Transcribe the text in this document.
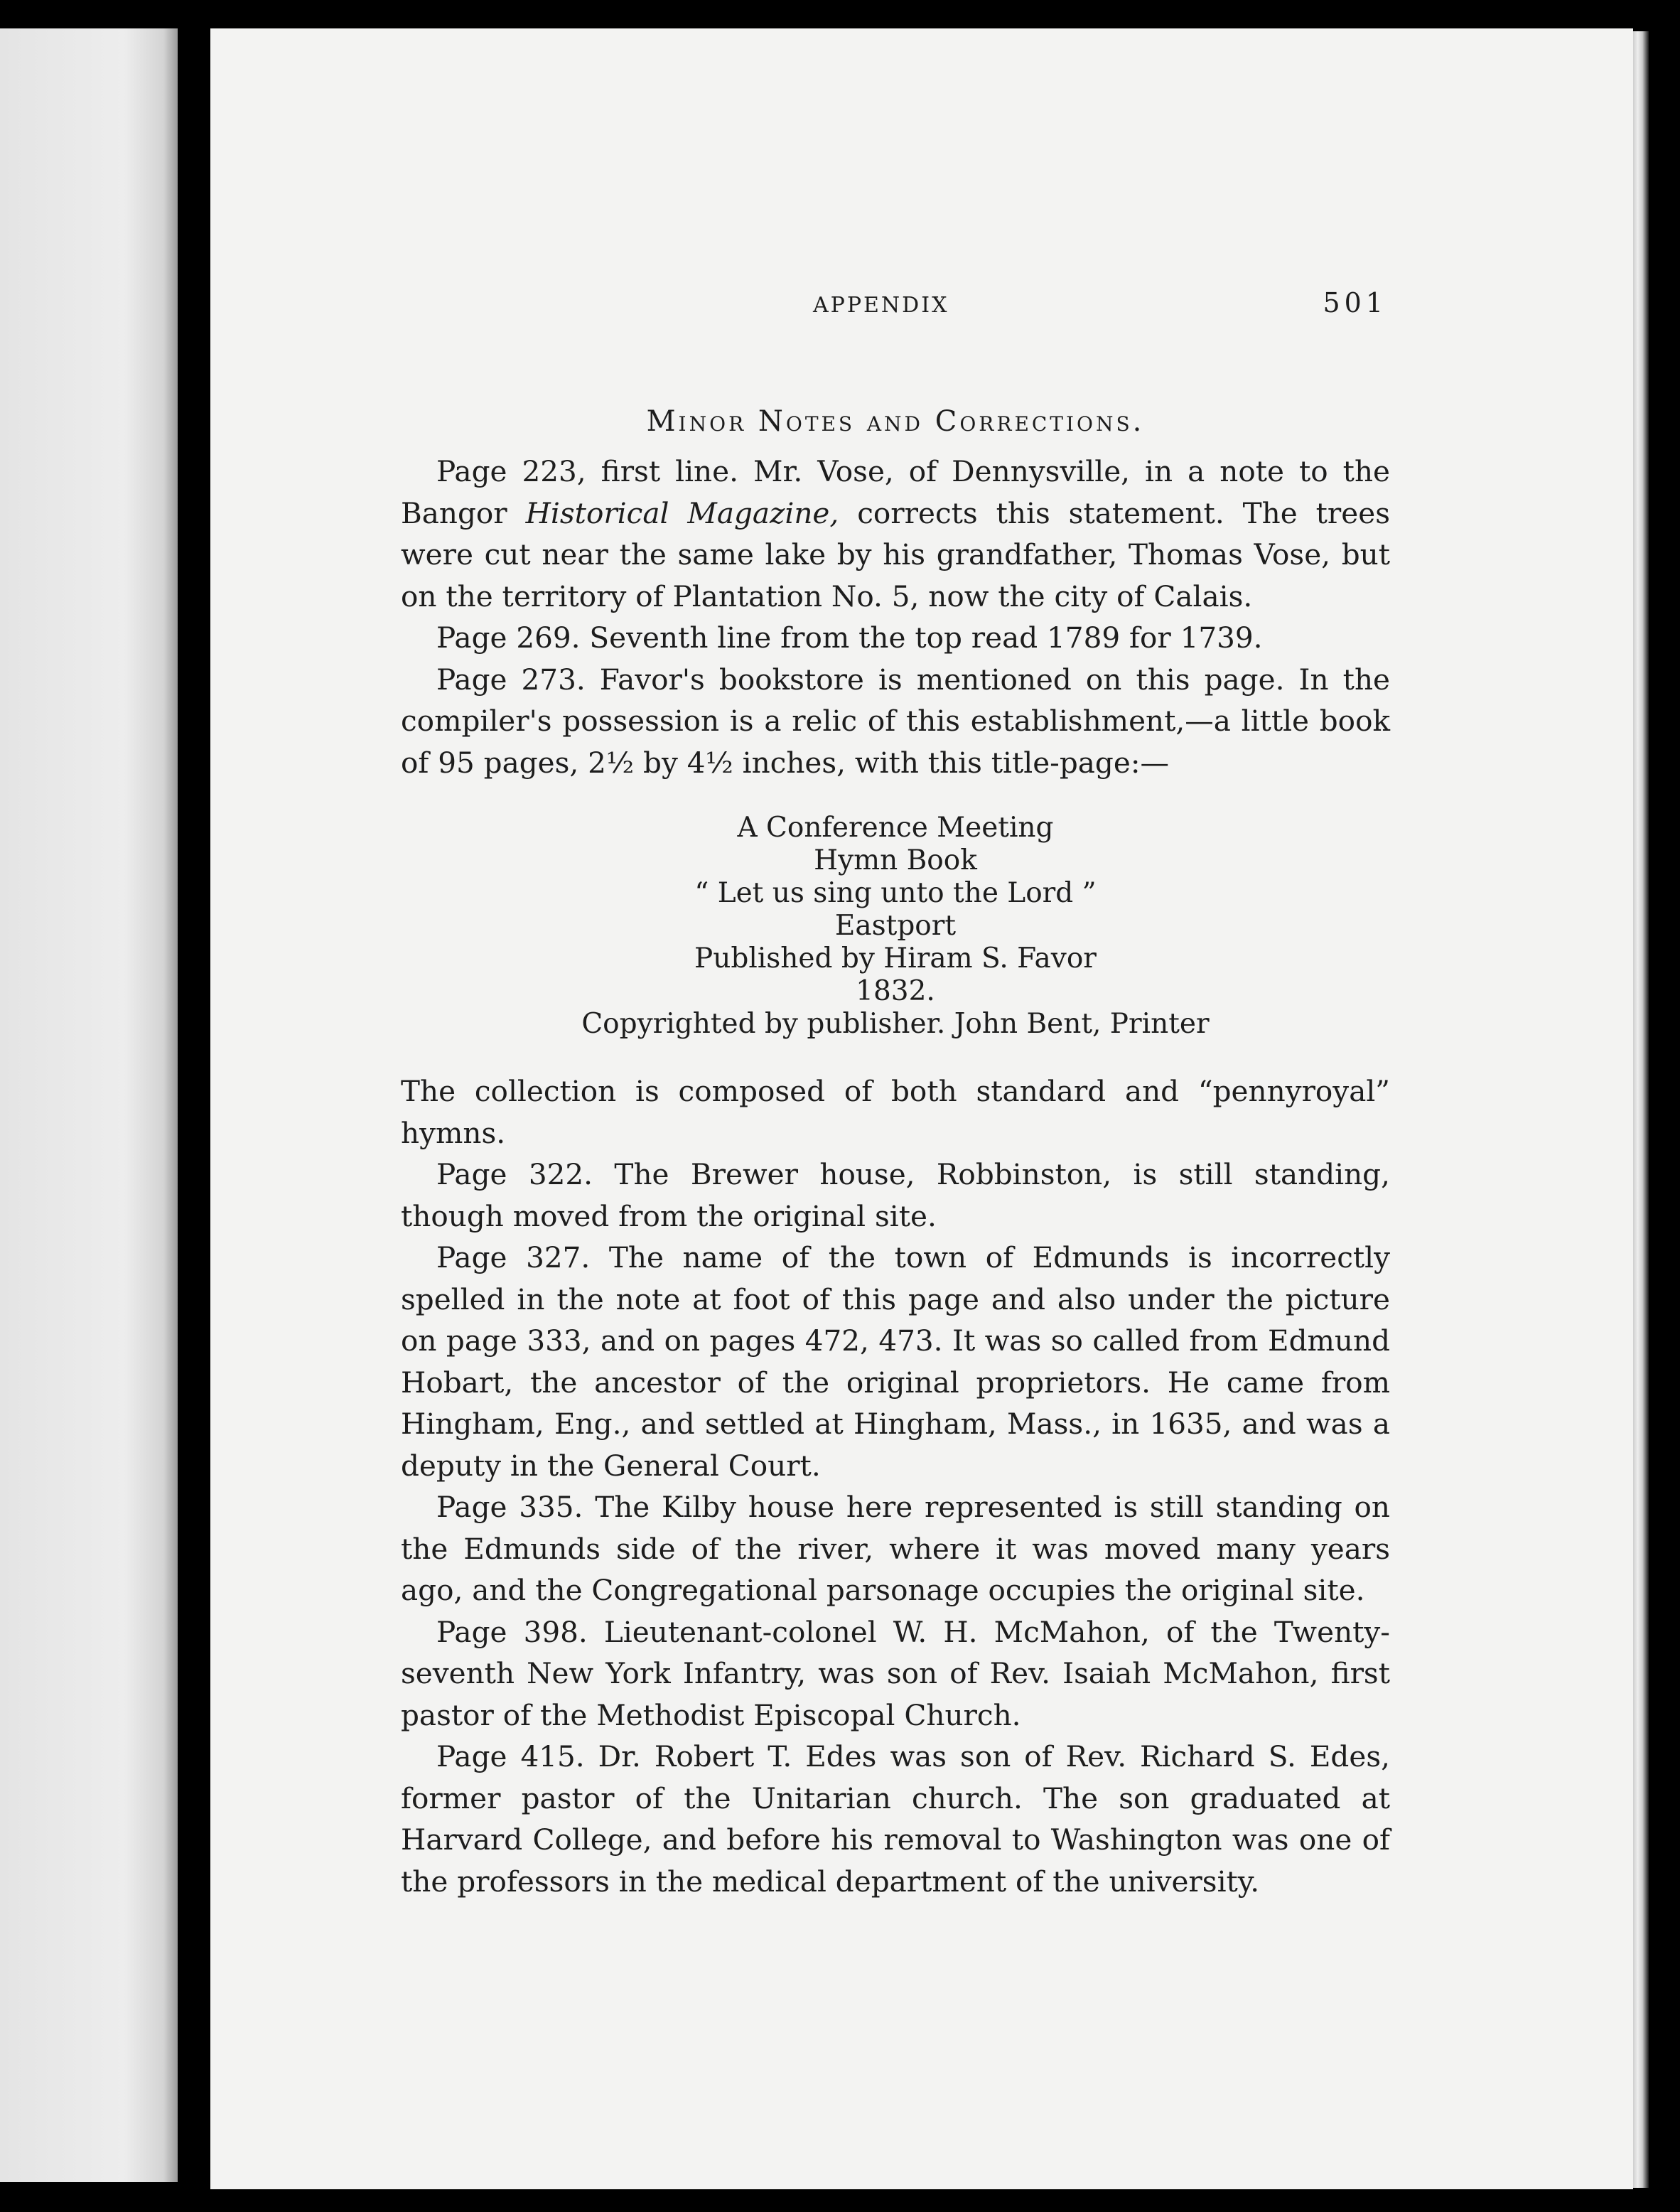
APPENDIX	501
Minor Notes and Corrections.

Page 223, first line. Mr. Vose, of Dennysville, in a note to the Bangor Historical Magazine, corrects this statement. The trees were cut near the same lake by his grandfather, Thomas Vose, but on the territory of Plantation No. 5, now the city of Calais.

Page 269. Seventh line from the top read 1789 for 1739.

Page 273. Favor's bookstore is mentioned on this page. In the compiler's possession is a relic of this establishment,—a little book of 95 pages, 2½ by 4½ inches, with this title-page:—

A Conference Meeting
Hymn Book
“ Let us sing unto the Lord ”
Eastport
Published by Hiram S. Favor
1832.
Copyrighted by publisher. John Bent, Printer

The collection is composed of both standard and “pennyroyal” hymns.

Page 322. The Brewer house, Robbinston, is still standing, though moved from the original site.

Page 327. The name of the town of Edmunds is incorrectly spelled in the note at foot of this page and also under the picture on page 333, and on pages 472, 473. It was so called from Edmund Hobart, the ancestor of the original proprietors. He came from Hingham, Eng., and settled at Hingham, Mass., in 1635, and was a deputy in the General Court.

Page 335. The Kilby house here represented is still standing on the Edmunds side of the river, where it was moved many years ago, and the Congregational parsonage occupies the original site.

Page 398. Lieutenant-colonel W. H. McMahon, of the Twenty-seventh New York Infantry, was son of Rev. Isaiah McMahon, first pastor of the Methodist Episcopal Church.

Page 415. Dr. Robert T. Edes was son of Rev. Richard S. Edes, former pastor of the Unitarian church. The son graduated at Harvard College, and before his removal to Washington was one of the professors in the medical department of the university.
